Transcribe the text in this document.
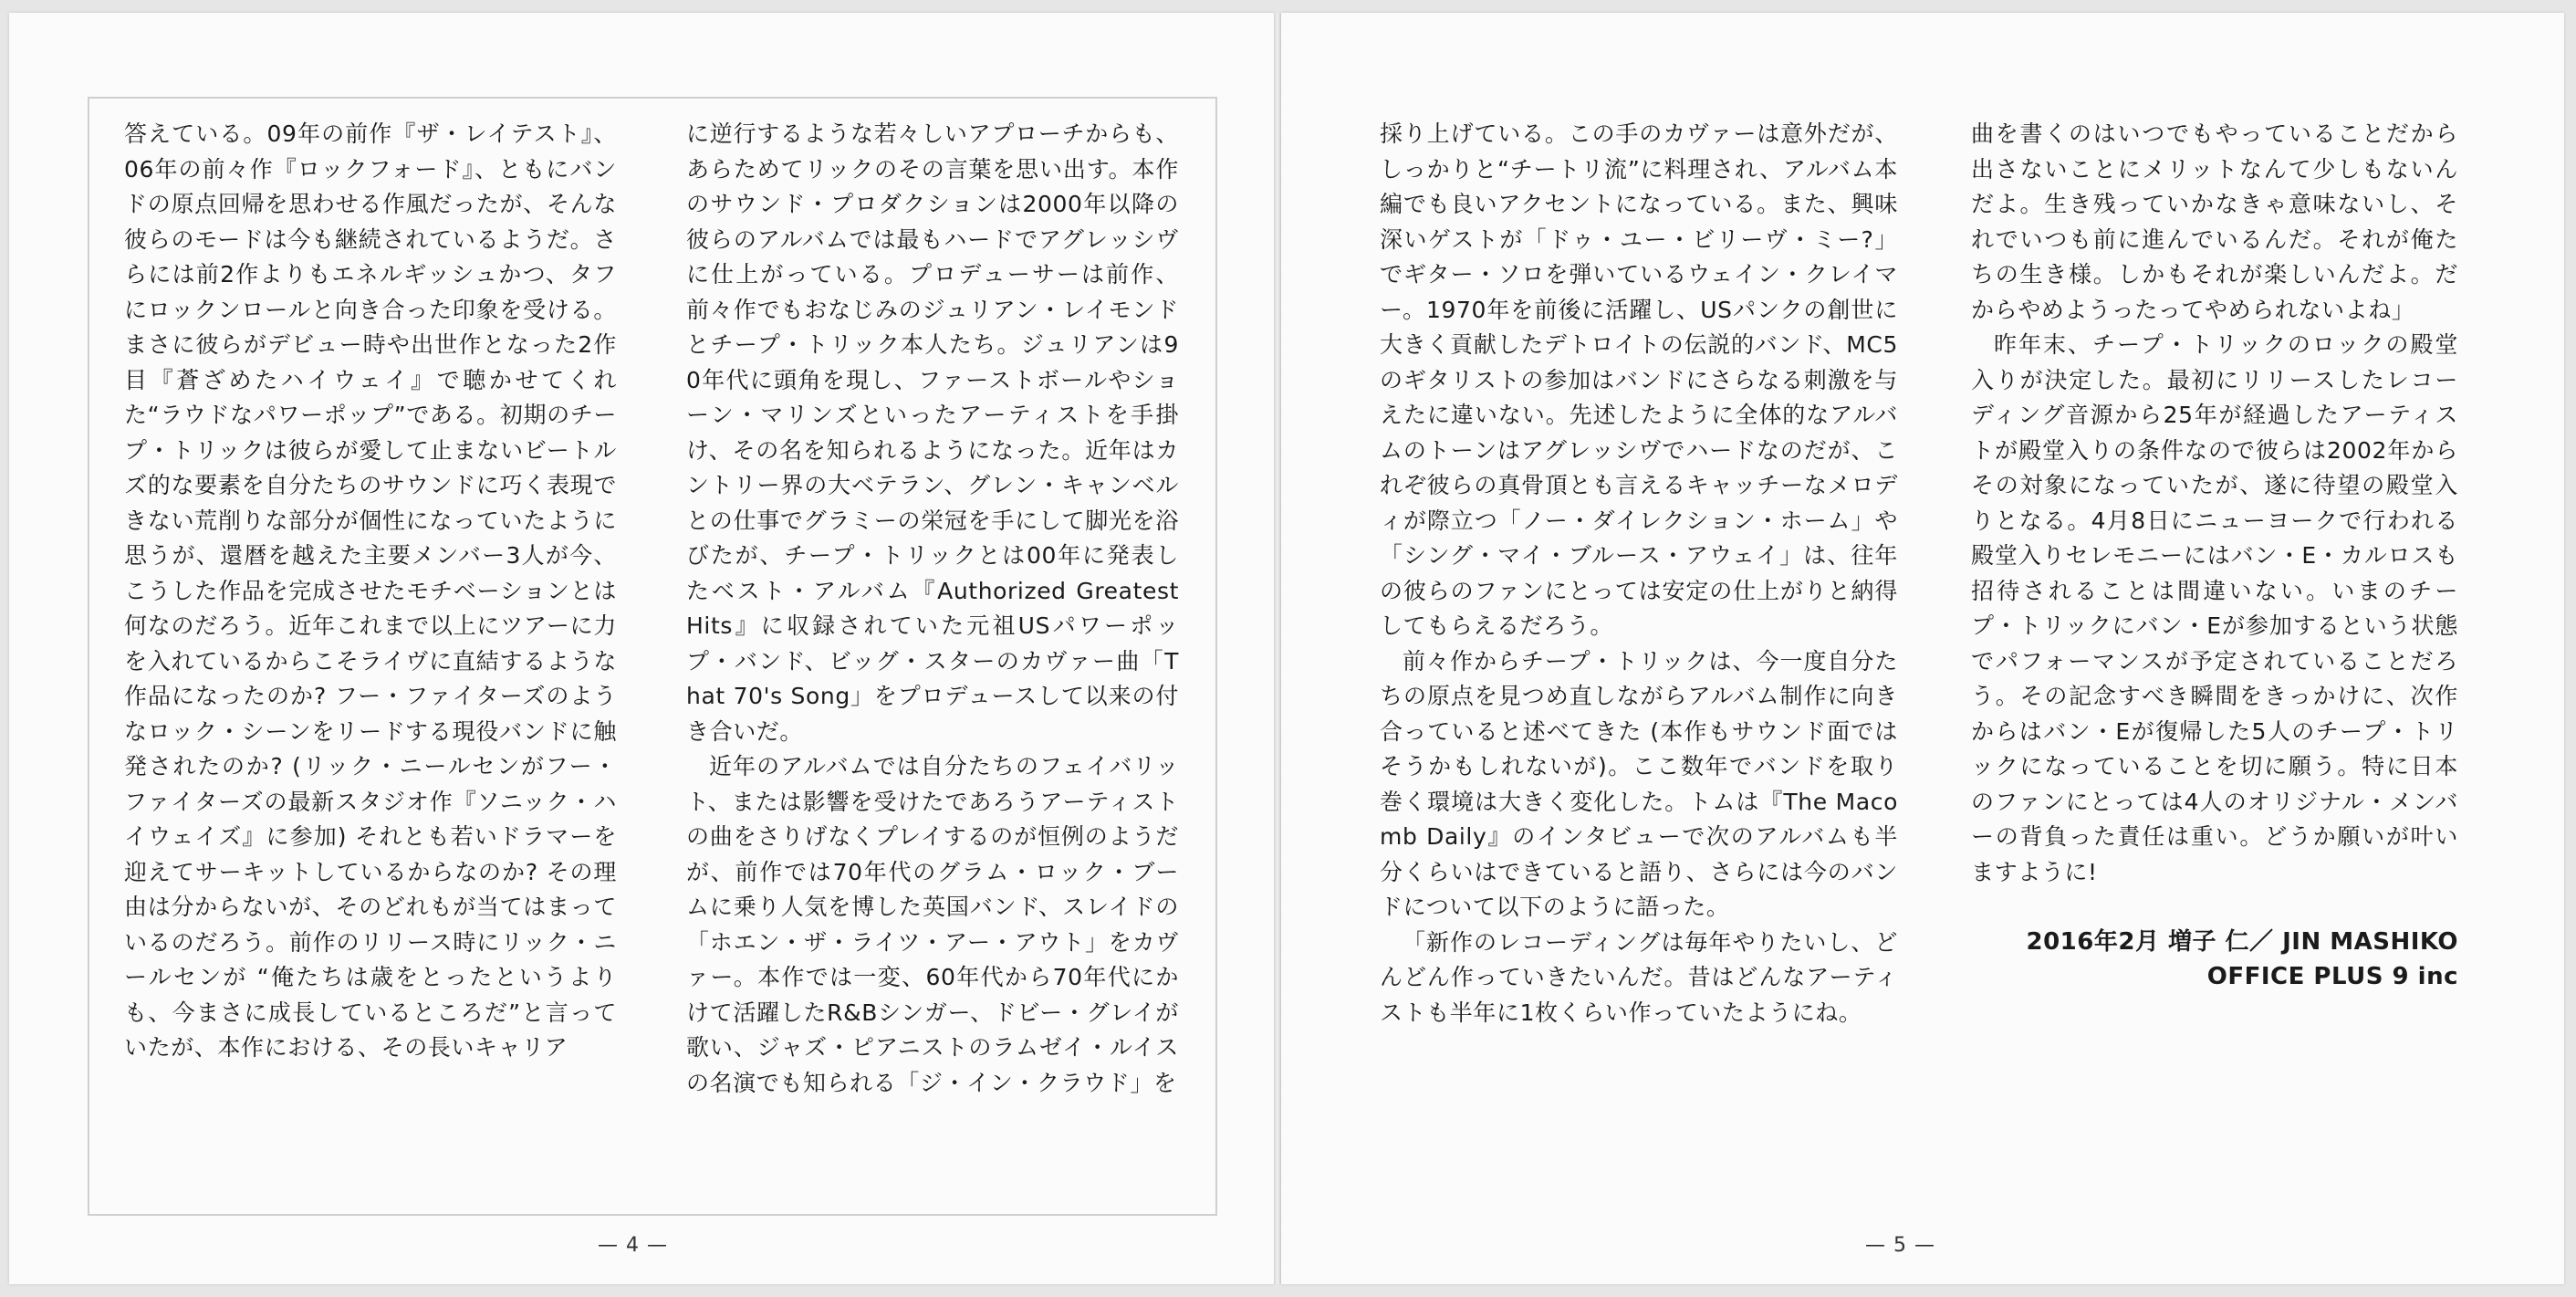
答えている。09年の前作『ザ・レイテスト』、06年の前々作『ロックフォード』、ともにバンドの原点回帰を思わせる作風だったが、そんな彼らのモードは今も継続されているようだ。さらには前2作よりもエネルギッシュかつ、タフにロックンロールと向き合った印象を受ける。まさに彼らがデビュー時や出世作となった2作目『蒼ざめたハイウェイ』で聴かせてくれた“ラウドなパワーポップ”である。初期のチープ・トリックは彼らが愛して止まないビートルズ的な要素を自分たちのサウンドに巧く表現できない荒削りな部分が個性になっていたように思うが、還暦を越えた主要メンバー3人が今、こうした作品を完成させたモチベーションとは何なのだろう。近年これまで以上にツアーに力を入れているからこそライヴに直結するような作品になったのか? フー・ファイターズのようなロック・シーンをリードする現役バンドに触発されたのか? (リック・ニールセンがフー・ファイターズの最新スタジオ作『ソニック・ハイウェイズ』に参加) それとも若いドラマーを迎えてサーキットしているからなのか? その理由は分からないが、そのどれもが当てはまっているのだろう。前作のリリース時にリック・ニールセンが “俺たちは歳をとったというよりも、今まさに成長しているところだ”と言っていたが、本作における、その長いキャリア

に逆行するような若々しいアプローチからも、あらためてリックのその言葉を思い出す。本作のサウンド・プロダクションは2000年以降の彼らのアルバムでは最もハードでアグレッシヴに仕上がっている。プロデューサーは前作、前々作でもおなじみのジュリアン・レイモンドとチープ・トリック本人たち。ジュリアンは90年代に頭角を現し、ファーストボールやショーン・マリンズといったアーティストを手掛け、その名を知られるようになった。近年はカントリー界の大ベテラン、グレン・キャンベルとの仕事でグラミーの栄冠を手にして脚光を浴びたが、チープ・トリックとは00年に発表したベスト・アルバム『Authorized Greatest Hits』に収録されていた元祖USパワーポップ・バンド、ビッグ・スターのカヴァー曲「That 70's Song」をプロデュースして以来の付き合いだ。

近年のアルバムでは自分たちのフェイバリット、または影響を受けたであろうアーティストの曲をさりげなくプレイするのが恒例のようだが、前作では70年代のグラム・ロック・ブームに乗り人気を博した英国バンド、スレイドの「ホエン・ザ・ライツ・アー・アウト」をカヴァー。本作では一変、60年代から70年代にかけて活躍したR&Bシンガー、ドビー・グレイが歌い、ジャズ・ピアニストのラムゼイ・ルイスの名演でも知られる「ジ・イン・クラウド」を

— 4 —

採り上げている。この手のカヴァーは意外だが、しっかりと“チートリ流”に料理され、アルバム本編でも良いアクセントになっている。また、興味深いゲストが「ドゥ・ユー・ビリーヴ・ミー?」でギター・ソロを弾いているウェイン・クレイマー。1970年を前後に活躍し、USパンクの創世に大きく貢献したデトロイトの伝説的バンド、MC5のギタリストの参加はバンドにさらなる刺激を与えたに違いない。先述したように全体的なアルバムのトーンはアグレッシヴでハードなのだが、これぞ彼らの真骨頂とも言えるキャッチーなメロディが際立つ「ノー・ダイレクション・ホーム」や「シング・マイ・ブルース・アウェイ」は、往年の彼らのファンにとっては安定の仕上がりと納得してもらえるだろう。

前々作からチープ・トリックは、今一度自分たちの原点を見つめ直しながらアルバム制作に向き合っていると述べてきた (本作もサウンド面ではそうかもしれないが)。ここ数年でバンドを取り巻く環境は大きく変化した。トムは『The Macomb Daily』のインタビューで次のアルバムも半分くらいはできていると語り、さらには今のバンドについて以下のように語った。

「新作のレコーディングは毎年やりたいし、どんどん作っていきたいんだ。昔はどんなアーティストも半年に1枚くらい作っていたようにね。

曲を書くのはいつでもやっていることだから出さないことにメリットなんて少しもないんだよ。生き残っていかなきゃ意味ないし、それでいつも前に進んでいるんだ。それが俺たちの生き様。しかもそれが楽しいんだよ。だからやめようったってやめられないよね」

昨年末、チープ・トリックのロックの殿堂入りが決定した。最初にリリースしたレコーディング音源から25年が経過したアーティストが殿堂入りの条件なので彼らは2002年からその対象になっていたが、遂に待望の殿堂入りとなる。4月8日にニューヨークで行われる殿堂入りセレモニーにはバン・E・カルロスも招待されることは間違いない。いまのチープ・トリックにバン・Eが参加するという状態でパフォーマンスが予定されていることだろう。その記念すべき瞬間をきっかけに、次作からはバン・Eが復帰した5人のチープ・トリックになっていることを切に願う。特に日本のファンにとっては4人のオリジナル・メンバーの背負った責任は重い。どうか願いが叶いますように!

2016年2月 増子 仁／ JIN MASHIKO
OFFICE PLUS 9 inc
— 5 —
